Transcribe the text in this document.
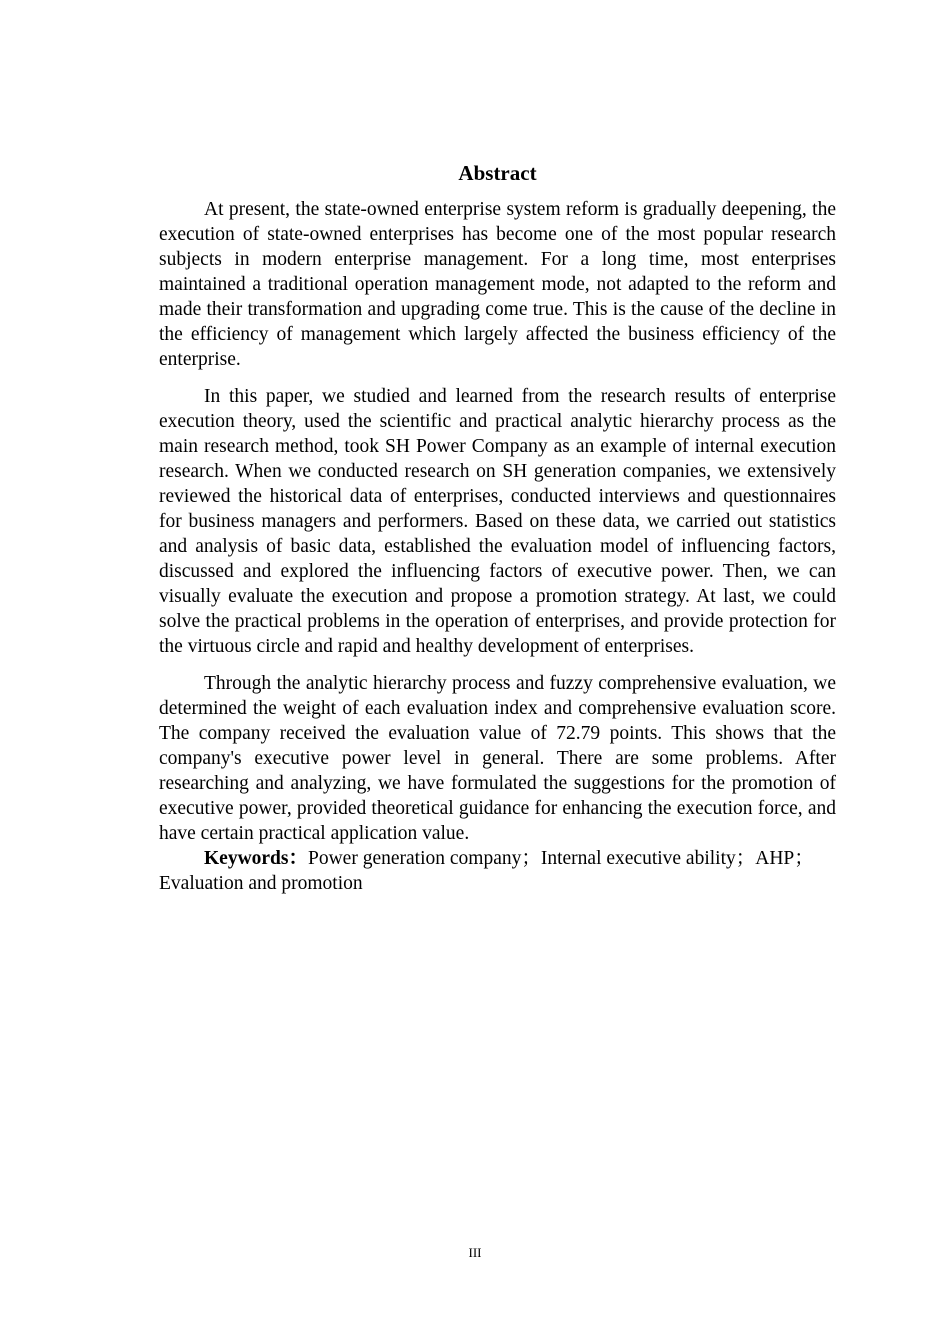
Abstract

At present, the state-owned enterprise system reform is gradually deepening, the execution of state-owned enterprises has become one of the most popular research subjects in modern enterprise management. For a long time, most enterprises maintained a traditional operation management mode, not adapted to the reform and made their transformation and upgrading come true. This is the cause of the decline in the efficiency of management which largely affected the business efficiency of the enterprise.

In this paper, we studied and learned from the research results of enterprise execution theory, used the scientific and practical analytic hierarchy process as the main research method, took SH Power Company as an example of internal execution research. When we conducted research on SH generation companies, we extensively reviewed the historical data of enterprises, conducted interviews and questionnaires for business managers and performers. Based on these data, we carried out statistics and analysis of basic data, established the evaluation model of influencing factors, discussed and explored the influencing factors of executive power. Then, we can visually evaluate the execution and propose a promotion strategy. At last, we could solve the practical problems in the operation of enterprises, and provide protection for the virtuous circle and rapid and healthy development of enterprises.

Through the analytic hierarchy process and fuzzy comprehensive evaluation, we determined the weight of each evaluation index and comprehensive evaluation score. The company received the evaluation value of 72.79 points. This shows that the company's executive power level in general. There are some problems. After researching and analyzing, we have formulated the suggestions for the promotion of executive power, provided theoretical guidance for enhancing the execution force, and have certain practical application value.

Keywords：Power generation company；Internal executive ability；AHP；Evaluation and promotion

III
